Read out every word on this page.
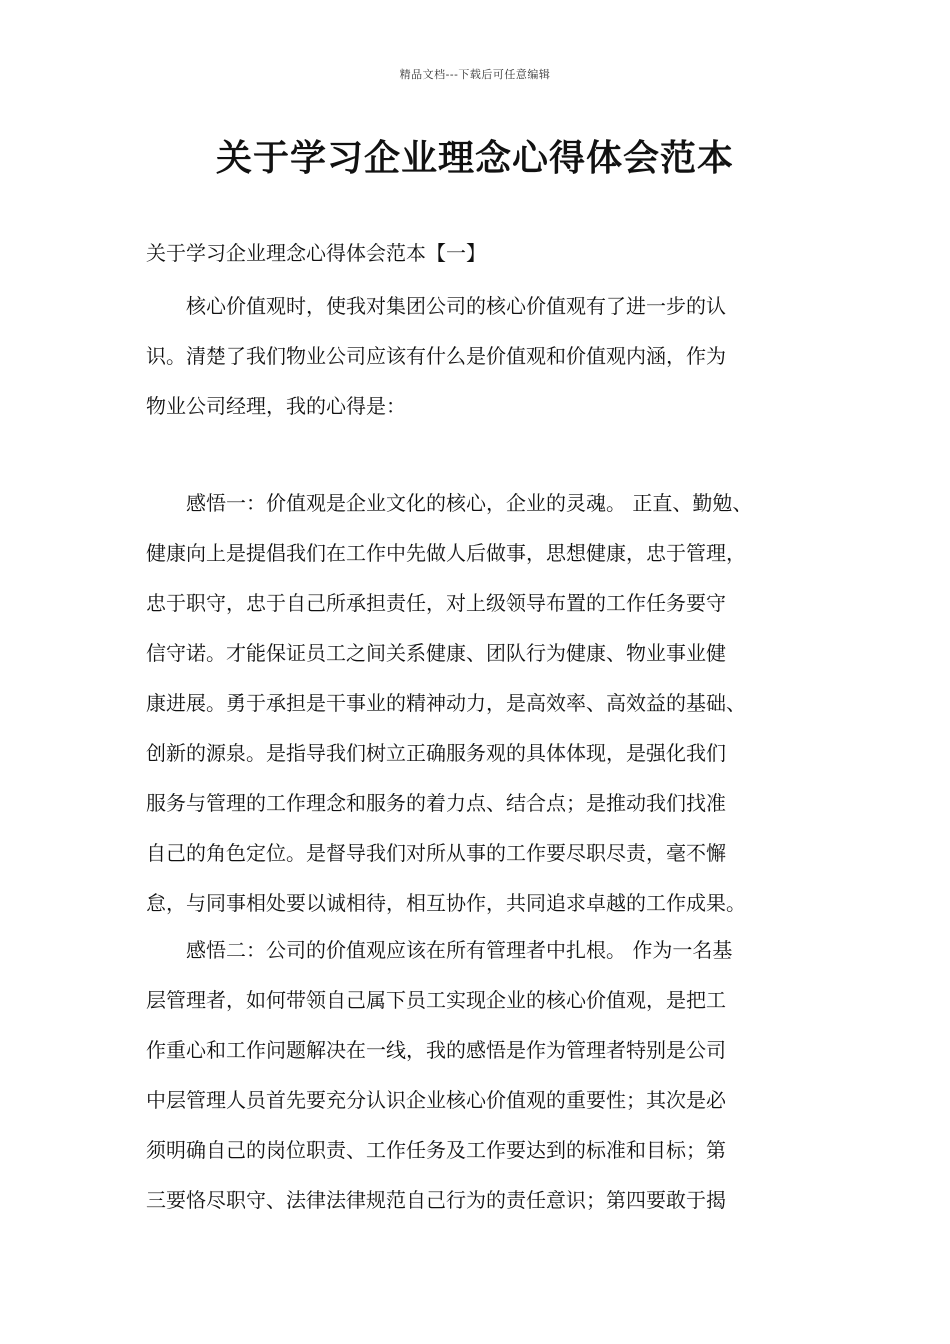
精品文档---下载后可任意编辑
关于学习企业理念心得体会范本
关于学习企业理念心得体会范本【一】
　　核心价值观时，使我对集团公司的核心价值观有了进一步的认
识。清楚了我们物业公司应该有什么是价值观和价值观内涵，作为
物业公司经理，我的心得是：
　　感悟一：价值观是企业文化的核心，企业的灵魂。 正直、勤勉、
健康向上是提倡我们在工作中先做人后做事，思想健康，忠于管理，
忠于职守，忠于自己所承担责任，对上级领导布置的工作任务要守
信守诺。才能保证员工之间关系健康、团队行为健康、物业事业健
康进展。勇于承担是干事业的精神动力，是高效率、高效益的基础、
创新的源泉。是指导我们树立正确服务观的具体体现，是强化我们
服务与管理的工作理念和服务的着力点、结合点；是推动我们找准
自己的角色定位。是督导我们对所从事的工作要尽职尽责，毫不懈
怠，与同事相处要以诚相待，相互协作，共同追求卓越的工作成果。
　　感悟二：公司的价值观应该在所有管理者中扎根。 作为一名基
层管理者，如何带领自己属下员工实现企业的核心价值观，是把工
作重心和工作问题解决在一线，我的感悟是作为管理者特别是公司
中层管理人员首先要充分认识企业核心价值观的重要性；其次是必
须明确自己的岗位职责、工作任务及工作要达到的标准和目标；第
三要恪尽职守、法律法律规范自己行为的责任意识；第四要敢于揭
